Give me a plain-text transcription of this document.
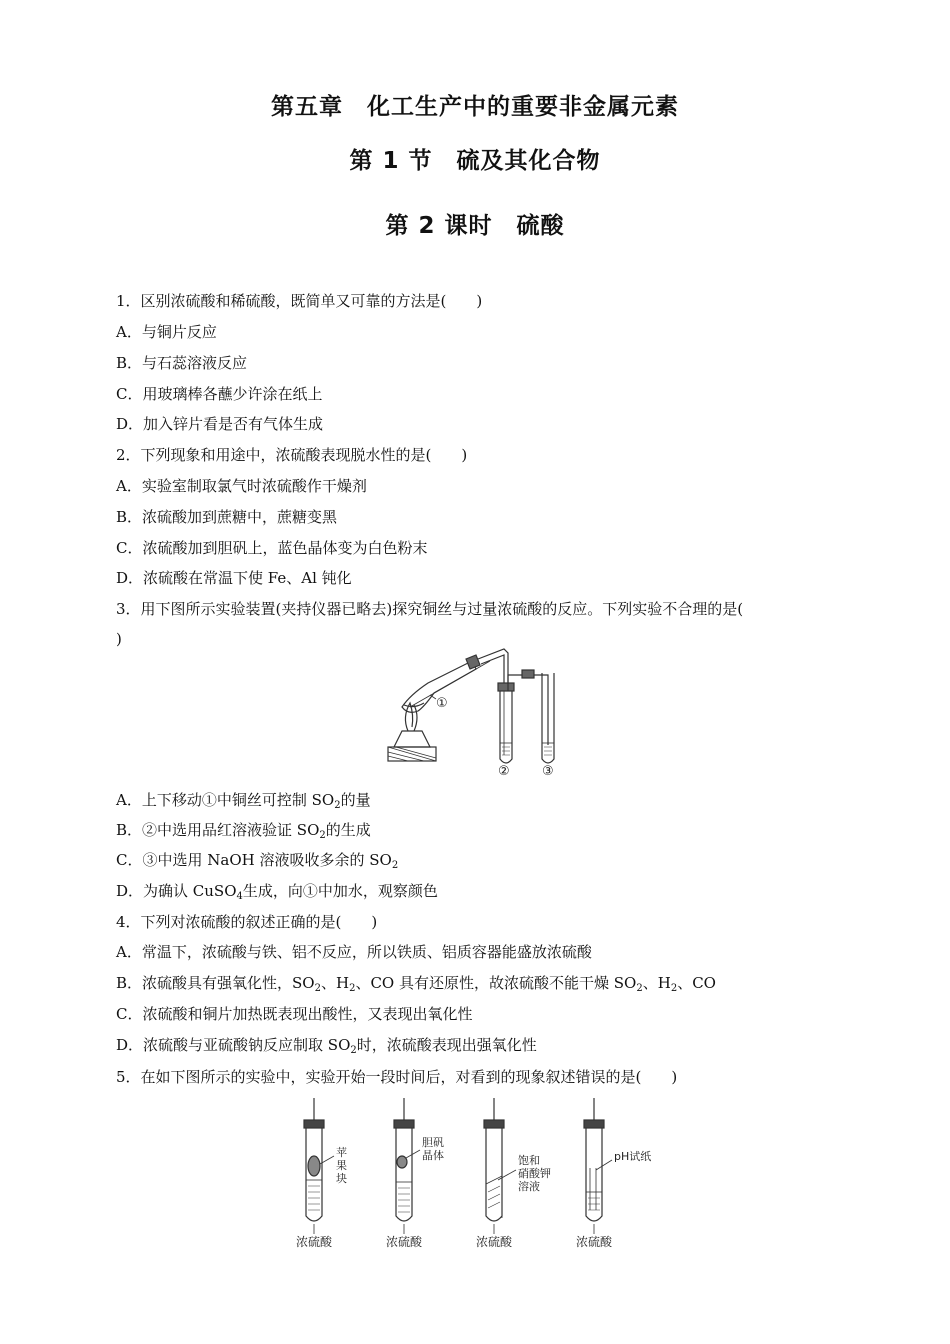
第五章　化工生产中的重要非金属元素
第 1 节　硫及其化合物
第 2 课时　硫酸
1．区别浓硫酸和稀硫酸，既简单又可靠的方法是(　　)
A．与铜片反应
B．与石蕊溶液反应
C．用玻璃棒各蘸少许涂在纸上
D．加入锌片看是否有气体生成
2．下列现象和用途中，浓硫酸表现脱水性的是(　　)
A．实验室制取氯气时浓硫酸作干燥剂
B．浓硫酸加到蔗糖中，蔗糖变黑
C．浓硫酸加到胆矾上，蓝色晶体变为白色粉末
D．浓硫酸在常温下使 Fe、Al 钝化
3．用下图所示实验装置(夹持仪器已略去)探究铜丝与过量浓硫酸的反应。下列实验不合理的是(
)
A．上下移动①中铜丝可控制 $SO_2$的量
B．②中选用品红溶液验证 $SO_2$的生成
C．③中选用 NaOH 溶液吸收多余的 $SO_2$
D．为确认 CuSO$_4$生成，向①中加水，观察颜色
4．下列对浓硫酸的叙述正确的是(　　)
A．常温下，浓硫酸与铁、铝不反应，所以铁质、铝质容器能盛放浓硫酸
B．浓硫酸具有强氧化性，$SO_2$、$H_2$、CO 具有还原性，故浓硫酸不能干燥 $SO_2$、$H_2$、CO
C．浓硫酸和铜片加热既表现出酸性，又表现出氧化性
D．浓硫酸与亚硫酸钠反应制取 $SO_2$时，浓硫酸表现出强氧化性
5．在如下图所示的实验中，实验开始一段时间后，对看到的现象叙述错误的是(　　)
①
② ③
苹果块
胆矾晶体	饱和硝酸钾溶液
pH试纸
浓硫酸	浓硫酸	浓硫酸	浓硫酸
